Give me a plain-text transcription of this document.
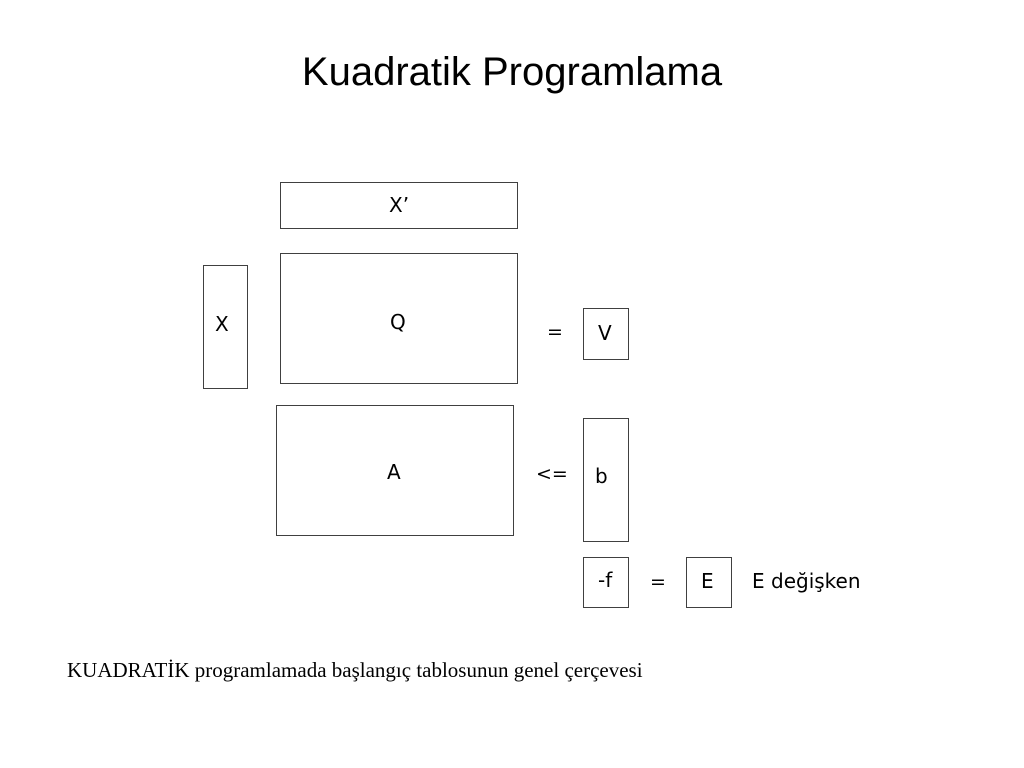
Kuadratik Programlama
X’
X	Q	= V
A	<= b
-f = E E değişken
KUADRATİK programlamada başlangıç tablosunun genel çerçevesi
